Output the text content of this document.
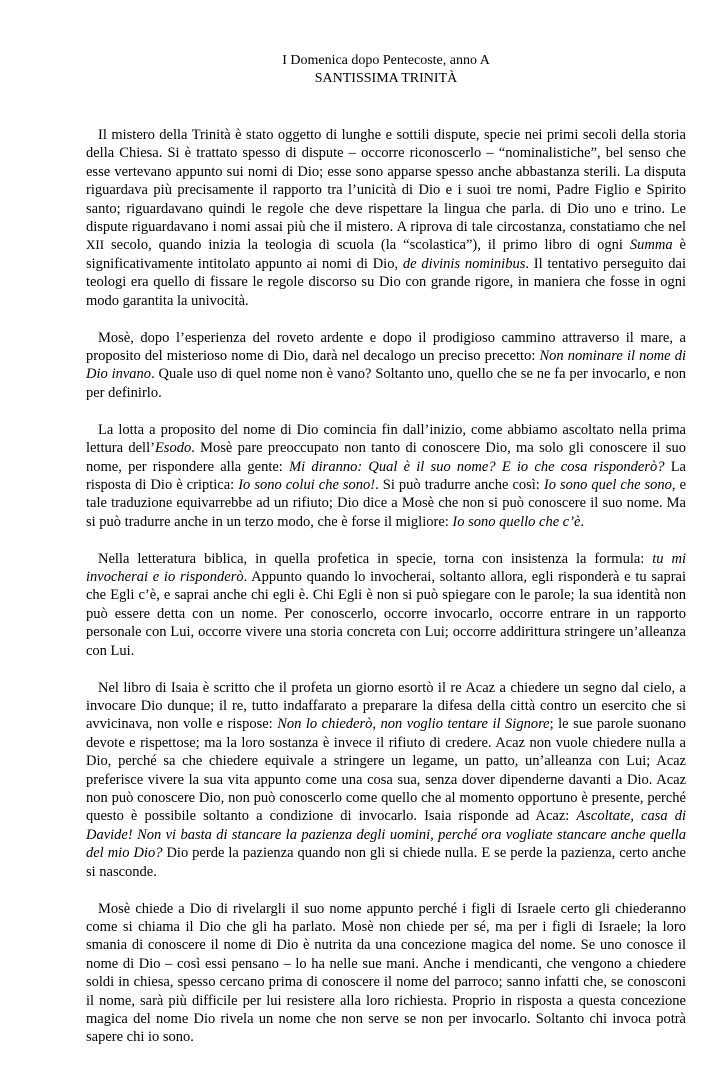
I Domenica dopo Pentecoste, anno A
SANTISSIMA TRINITÀ

Il mistero della Trinità è stato oggetto di lunghe e sottili dispute, specie nei primi secoli della storia della Chiesa. Si è trattato spesso di dispute – occorre riconoscerlo – “nominalistiche”, bel senso che esse vertevano appunto sui nomi di Dio; esse sono apparse spesso anche abbastanza sterili. La disputa riguardava più precisamente il rapporto tra l’unicità di Dio e i suoi tre nomi, Padre Figlio e Spirito santo; riguardavano quindi le regole che deve rispettare la lingua che parla. di Dio uno e trino. Le dispute riguardavano i nomi assai più che il mistero. A riprova di tale circostanza, constatiamo che nel XII secolo, quando inizia la teologia di scuola (la “scolastica”), il primo libro di ogni Summa è significativamente intitolato appunto ai nomi di Dio, de divinis nominibus. Il tentativo perseguito dai teologi era quello di fissare le regole discorso su Dio con grande rigore, in maniera che fosse in ogni modo garantita la univocità.

Mosè, dopo l’esperienza del roveto ardente e dopo il prodigioso cammino attraverso il mare, a proposito del misterioso nome di Dio, darà nel decalogo un preciso precetto: Non nominare il nome di Dio invano. Quale uso di quel nome non è vano? Soltanto uno, quello che se ne fa per invocarlo, e non per definirlo.

La lotta a proposito del nome di Dio comincia fin dall’inizio, come abbiamo ascoltato nella prima lettura dell’Esodo. Mosè pare preoccupato non tanto di conoscere Dio, ma solo gli conoscere il suo nome, per rispondere alla gente: Mi diranno: Qual è il suo nome? E io che cosa risponderò? La risposta di Dio è criptica: Io sono colui che sono!. Si può tradurre anche così: Io sono quel che sono, e tale traduzione equivarrebbe ad un rifiuto; Dio dice a Mosè che non si può conoscere il suo nome. Ma si può tradurre anche in un terzo modo, che è forse il migliore: Io sono quello che c’è.

Nella letteratura biblica, in quella profetica in specie, torna con insistenza la formula: tu mi invocherai e io risponderò. Appunto quando lo invocherai, soltanto allora, egli risponderà e tu saprai che Egli c’è, e saprai anche chi egli è. Chi Egli è non si può spiegare con le parole; la sua identità non può essere detta con un nome. Per conoscerlo, occorre invocarlo, occorre entrare in un rapporto personale con Lui, occorre vivere una storia concreta con Lui; occorre addirittura stringere un’alleanza con Lui.

Nel libro di Isaia è scritto che il profeta un giorno esortò il re Acaz a chiedere un segno dal cielo, a invocare Dio dunque; il re, tutto indaffarato a preparare la difesa della città contro un esercito che si avvicinava, non volle e rispose: Non lo chiederò, non voglio tentare il Signore; le sue parole suonano devote e rispettose; ma la loro sostanza è invece il rifiuto di credere. Acaz non vuole chiedere nulla a Dio, perché sa che chiedere equivale a stringere un legame, un patto, un’alleanza con Lui; Acaz preferisce vivere la sua vita appunto come una cosa sua, senza dover dipenderne davanti a Dio. Acaz non può conoscere Dio, non può conoscerlo come quello che al momento opportuno è presente, perché questo è possibile soltanto a condizione di invocarlo. Isaia risponde ad Acaz: Ascoltate, casa di Davide! Non vi basta di stancare la pazienza degli uomini, perché ora vogliate stancare anche quella del mio Dio? Dio perde la pazienza quando non gli si chiede nulla. E se perde la pazienza, certo anche si nasconde.

Mosè chiede a Dio di rivelargli il suo nome appunto perché i figli di Israele certo gli chiederanno come si chiama il Dio che gli ha parlato. Mosè non chiede per sé, ma per i figli di Israele; la loro smania di conoscere il nome di Dio è nutrita da una concezione magica del nome. Se uno conosce il nome di Dio – così essi pensano – lo ha nelle sue mani. Anche i mendicanti, che vengono a chiedere soldi in chiesa, spesso cercano prima di conoscere il nome del parroco; sanno infatti che, se conosconi il nome, sarà più difficile per lui resistere alla loro richiesta. Proprio in risposta a questa concezione magica del nome Dio rivela un nome che non serve se non per invocarlo. Soltanto chi invoca potrà sapere chi io sono.
